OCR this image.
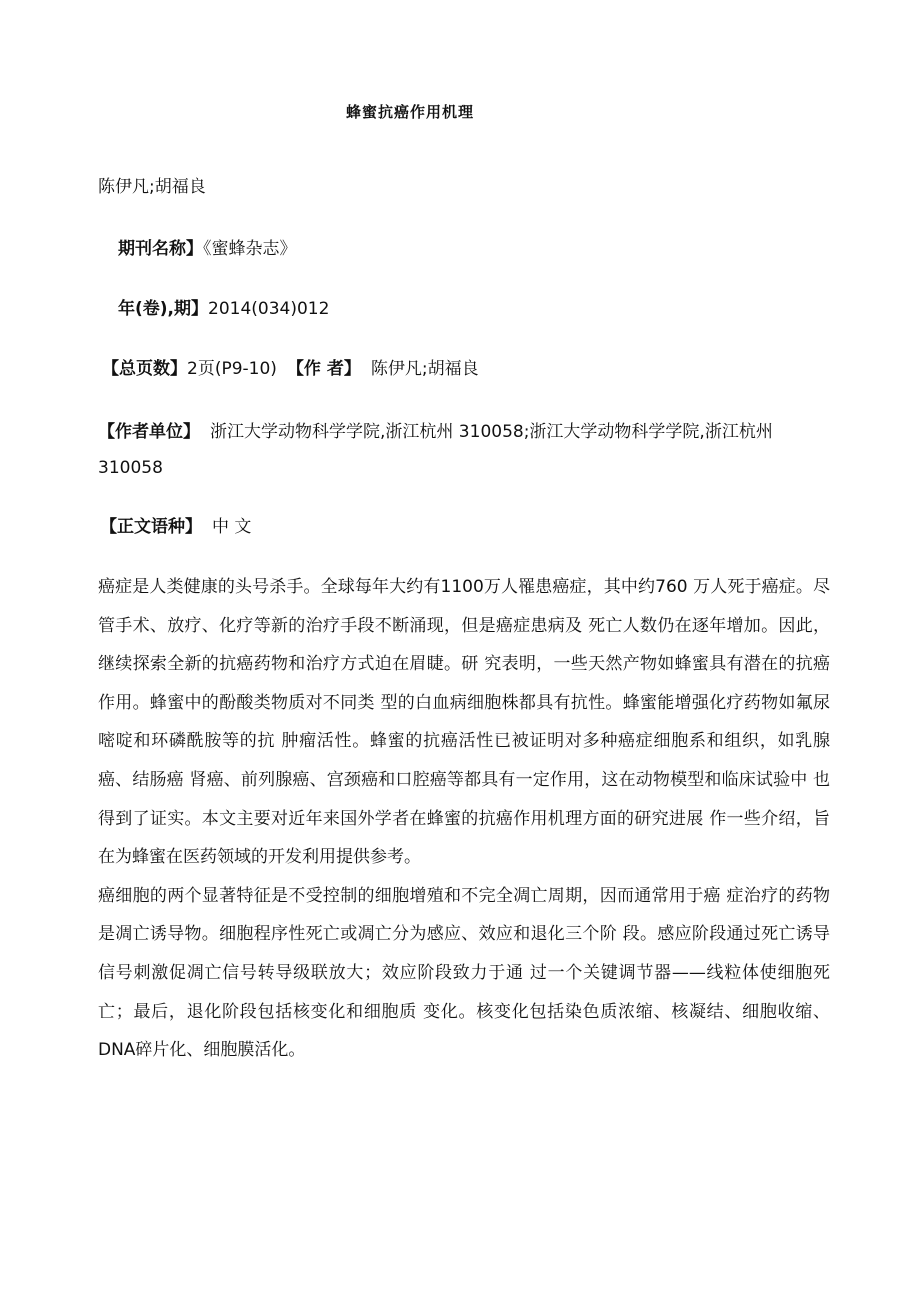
蜂蜜抗癌作用机理
陈伊凡;胡福良
期刊名称】《蜜蜂杂志》
年(卷),期】2014(034)012
【总页数】2页(P9-10) 【作 者】 陈伊凡;胡福良
【作者单位】 浙江大学动物科学学院,浙江杭州 310058;浙江大学动物科学学院,浙江杭州 310058
【正文语种】 中 文

癌症是人类健康的头号杀手。全球每年大约有1100万人罹患癌症，其中约760 万人死于癌症。尽管手术、放疗、化疗等新的治疗手段不断涌现，但是癌症患病及 死亡人数仍在逐年增加。因此，继续探索全新的抗癌药物和治疗方式迫在眉睫。研 究表明，一些天然产物如蜂蜜具有潜在的抗癌作用。蜂蜜中的酚酸类物质对不同类 型的白血病细胞株都具有抗性。蜂蜜能增强化疗药物如氟尿嘧啶和环磷酰胺等的抗 肿瘤活性。蜂蜜的抗癌活性已被证明对多种癌症细胞系和组织，如乳腺癌、结肠癌 肾癌、前列腺癌、宫颈癌和口腔癌等都具有一定作用，这在动物模型和临床试验中 也得到了证实。本文主要对近年来国外学者在蜂蜜的抗癌作用机理方面的研究进展 作一些介绍，旨在为蜂蜜在医药领域的开发利用提供参考。

癌细胞的两个显著特征是不受控制的细胞增殖和不完全凋亡周期，因而通常用于癌 症治疗的药物是凋亡诱导物。细胞程序性死亡或凋亡分为感应、效应和退化三个阶 段。感应阶段通过死亡诱导信号刺激促凋亡信号转导级联放大；效应阶段致力于通 过一个关键调节器——线粒体使细胞死亡；最后，退化阶段包括核变化和细胞质 变化。核变化包括染色质浓缩、核凝结、细胞收缩、DNA碎片化、细胞膜活化。
